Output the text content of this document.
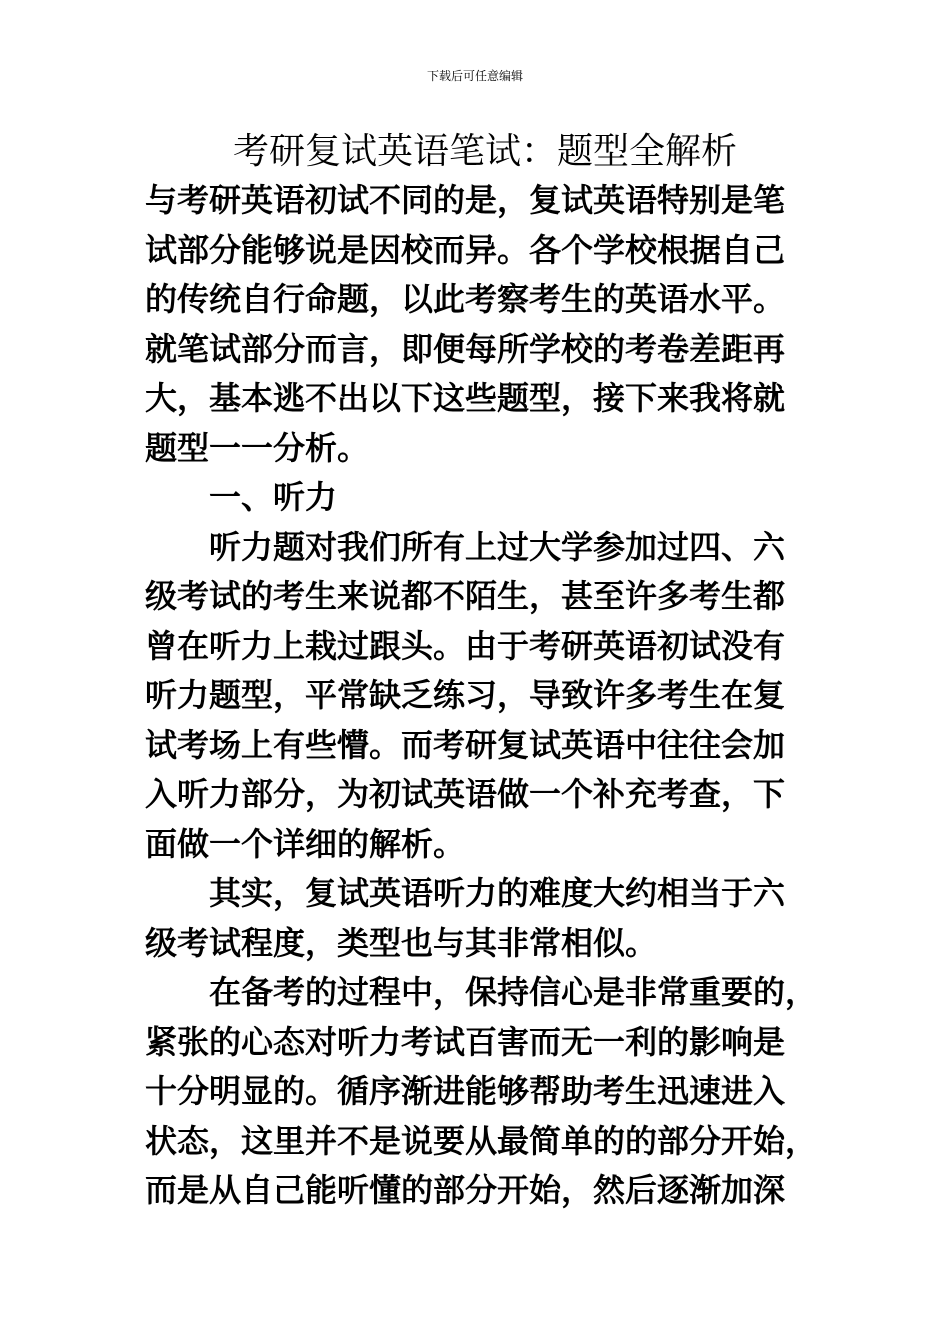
下载后可任意编辑
考研复试英语笔试：题型全解析

与考研英语初试不同的是，复试英语特别是笔

试部分能够说是因校而异。各个学校根据自己

的传统自行命题，以此考察考生的英语水平。

就笔试部分而言，即便每所学校的考卷差距再

大，基本逃不出以下这些题型，接下来我将就

题型一一分析。

一、听力

听力题对我们所有上过大学参加过四、六

级考试的考生来说都不陌生，甚至许多考生都

曾在听力上栽过跟头。由于考研英语初试没有

听力题型，平常缺乏练习，导致许多考生在复

试考场上有些懵。而考研复试英语中往往会加

入听力部分，为初试英语做一个补充考查，下

面做一个详细的解析。

其实，复试英语听力的难度大约相当于六

级考试程度，类型也与其非常相似。

在备考的过程中，保持信心是非常重要的，

紧张的心态对听力考试百害而无一利的影响是

十分明显的。循序渐进能够帮助考生迅速进入

状态，这里并不是说要从最简单的的部分开始，

而是从自己能听懂的部分开始，然后逐渐加深
